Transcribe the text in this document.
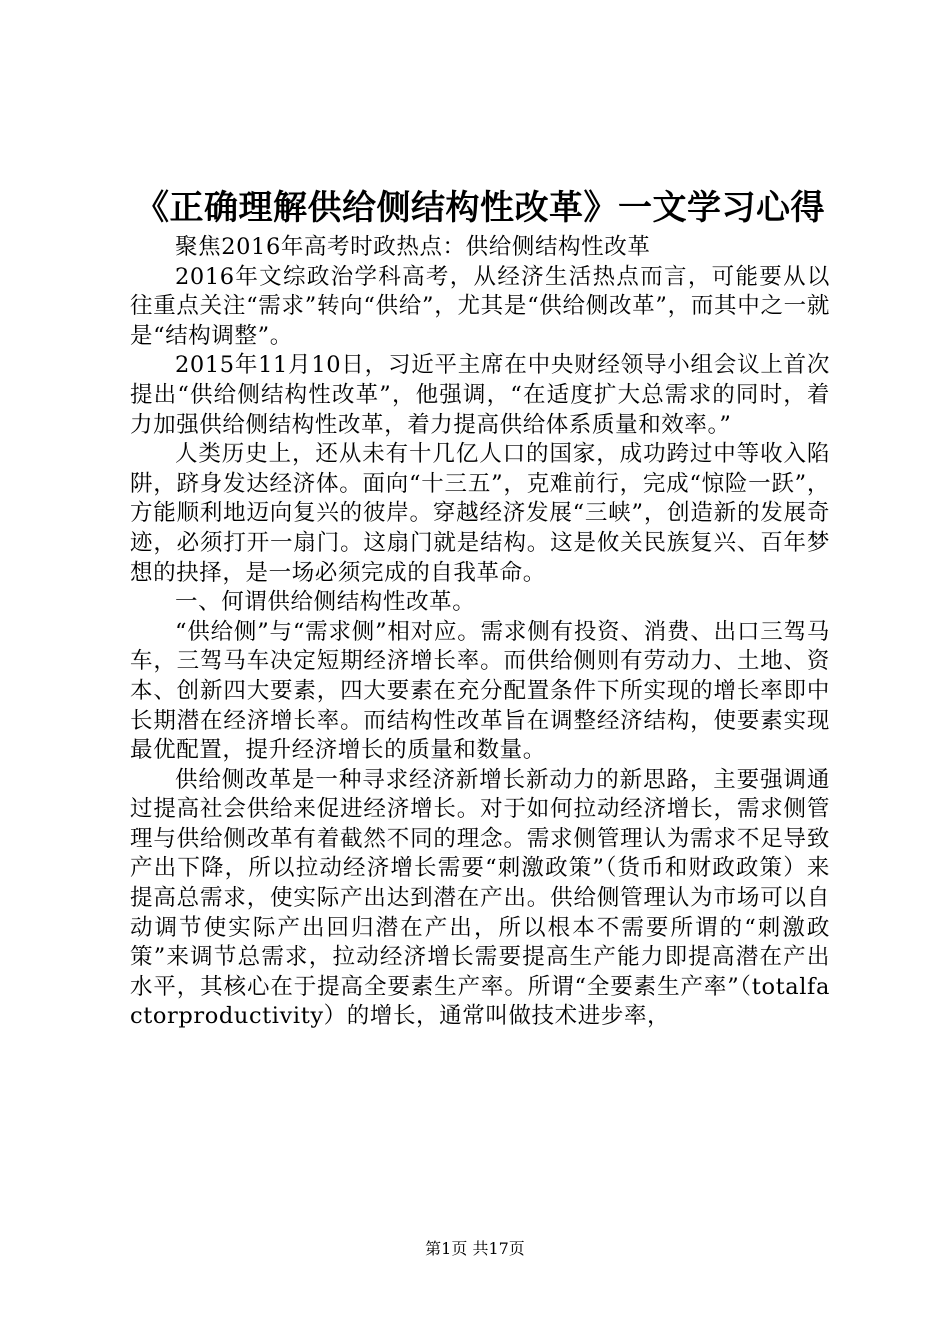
《正确理解供给侧结构性改革》一文学习心得

聚焦2016年高考时政热点：供给侧结构性改革

2016年文综政治学科高考，从经济生活热点而言，可能要从以往重点关注“需求”转向“供给”，尤其是“供给侧改革”，而其中之一就是“结构调整”。

2015年11月10日，习近平主席在中央财经领导小组会议上首次提出“供给侧结构性改革”，他强调，“在适度扩大总需求的同时，着力加强供给侧结构性改革，着力提高供给体系质量和效率。”

人类历史上，还从未有十几亿人口的国家，成功跨过中等收入陷阱，跻身发达经济体。面向“十三五”，克难前行，完成“惊险一跃”，方能顺利地迈向复兴的彼岸。穿越经济发展“三峡”，创造新的发展奇迹，必须打开一扇门。这扇门就是结构。这是攸关民族复兴、百年梦想的抉择，是一场必须完成的自我革命。

一、何谓供给侧结构性改革。

“供给侧”与“需求侧”相对应。需求侧有投资、消费、出口三驾马车，三驾马车决定短期经济增长率。而供给侧则有劳动力、土地、资本、创新四大要素，四大要素在充分配置条件下所实现的增长率即中长期潜在经济增长率。而结构性改革旨在调整经济结构，使要素实现最优配置，提升经济增长的质量和数量。

供给侧改革是一种寻求经济新增长新动力的新思路，主要强调通过提高社会供给来促进经济增长。对于如何拉动经济增长，需求侧管理与供给侧改革有着截然不同的理念。需求侧管理认为需求不足导致产出下降，所以拉动经济增长需要“刺激政策”（货币和财政政策）来提高总需求，使实际产出达到潜在产出。供给侧管理认为市场可以自动调节使实际产出回归潜在产出，所以根本不需要所谓的“刺激政策”来调节总需求，拉动经济增长需要提高生产能力即提高潜在产出水平，其核心在于提高全要素生产率。所谓“全要素生产率”（totalfactorproductivity）的增长，通常叫做技术进步率，

第1页 共17页
